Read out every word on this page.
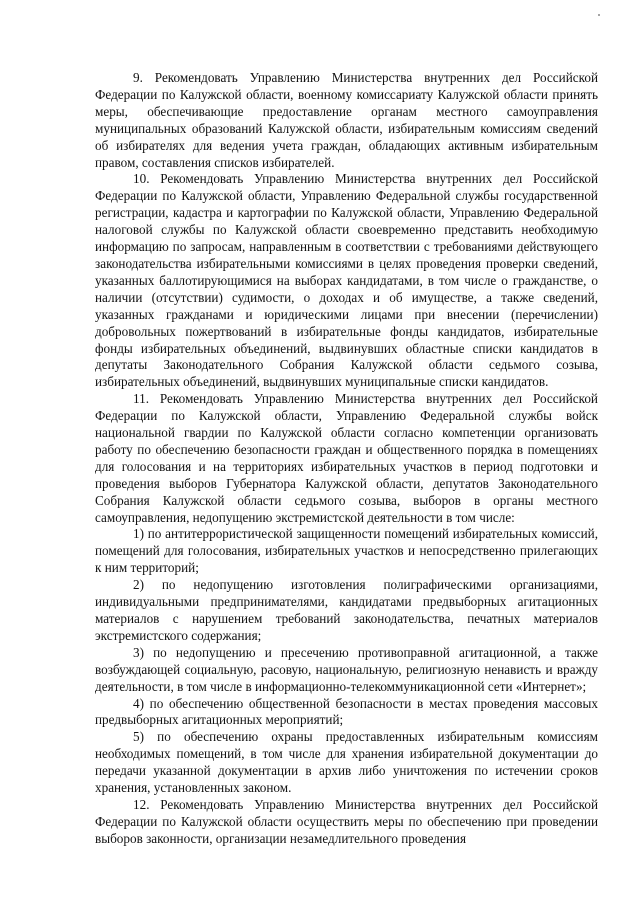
9. Рекомендовать Управлению Министерства внутренних дел Российской Федерации по Калужской области, военному комиссариату Калужской области принять меры, обеспечивающие предоставление органам местного самоуправления муниципальных образований Калужской области, избирательным комиссиям сведений об избирателях для ведения учета граждан, обладающих активным избирательным правом, составления списков избирателей.

10. Рекомендовать Управлению Министерства внутренних дел Российской Федерации по Калужской области, Управлению Федеральной службы государственной регистрации, кадастра и картографии по Калужской области, Управлению Федеральной налоговой службы по Калужской области своевременно представить необходимую информацию по запросам, направленным в соответствии с требованиями действующего законодательства избирательными комиссиями в целях проведения проверки сведений, указанных баллотирующимися на выборах кандидатами, в том числе о гражданстве, о наличии (отсутствии) судимости, о доходах и об имуществе, а также сведений, указанных гражданами и юридическими лицами при внесении (перечислении) добровольных пожертвований в избирательные фонды кандидатов, избирательные фонды избирательных объединений, выдвинувших областные списки кандидатов в депутаты Законодательного Собрания Калужской области седьмого созыва, избирательных объединений, выдвинувших муниципальные списки кандидатов.

11. Рекомендовать Управлению Министерства внутренних дел Российской Федерации по Калужской области, Управлению Федеральной службы войск национальной гвардии по Калужской области согласно компетенции организовать работу по обеспечению безопасности граждан и общественного порядка в помещениях для голосования и на территориях избирательных участков в период подготовки и проведения выборов Губернатора Калужской области, депутатов Законодательного Собрания Калужской области седьмого созыва, выборов в органы местного самоуправления, недопущению экстремистской деятельности в том числе:

1) по антитеррористической защищенности помещений избирательных комиссий, помещений для голосования, избирательных участков и непосредственно прилегающих к ним территорий;

2) по недопущению изготовления полиграфическими организациями, индивидуальными предпринимателями, кандидатами предвыборных агитационных материалов с нарушением требований законодательства, печатных материалов экстремистского содержания;

3) по недопущению и пресечению противоправной агитационной, а также возбуждающей социальную, расовую, национальную, религиозную ненависть и вражду деятельности, в том числе в информационно-телекоммуникационной сети «Интернет»;

4) по обеспечению общественной безопасности в местах проведения массовых предвыборных агитационных мероприятий;

5) по обеспечению охраны предоставленных избирательным комиссиям необходимых помещений, в том числе для хранения избирательной документации до передачи указанной документации в архив либо уничтожения по истечении сроков хранения, установленных законом.

12. Рекомендовать Управлению Министерства внутренних дел Российской Федерации по Калужской области осуществить меры по обеспечению при проведении выборов законности, организации незамедлительного проведения
